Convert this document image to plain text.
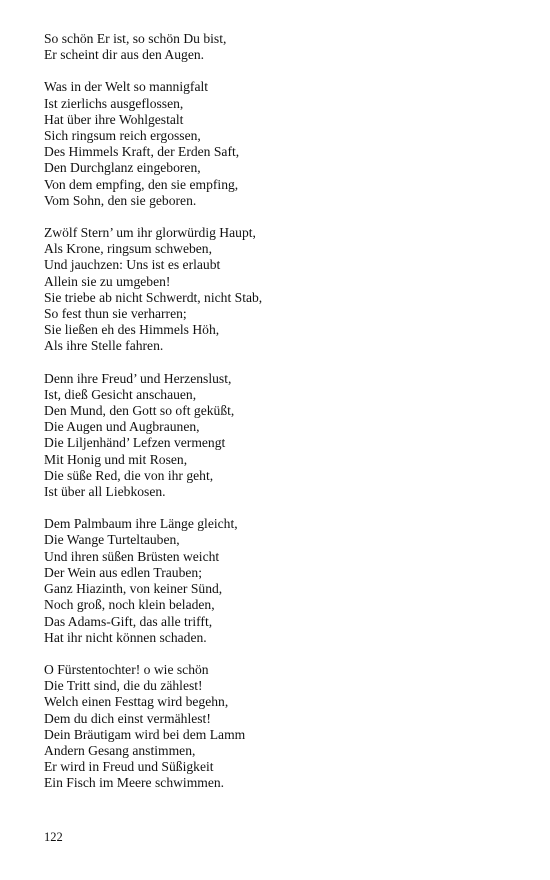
So schön Er ist, so schön Du bist,
Er scheint dir aus den Augen.
Was in der Welt so mannigfalt
Ist zierlichs ausgeflossen,
Hat über ihre Wohlgestalt
Sich ringsum reich ergossen,
Des Himmels Kraft, der Erden Saft,
Den Durchglanz eingeboren,
Von dem empfing, den sie empfing,
Vom Sohn, den sie geboren.
Zwölf Stern’ um ihr glorwürdig Haupt,
Als Krone, ringsum schweben,
Und jauchzen: Uns ist es erlaubt
Allein sie zu umgeben!
Sie triebe ab nicht Schwerdt, nicht Stab,
So fest thun sie verharren;
Sie ließen eh des Himmels Höh,
Als ihre Stelle fahren.
Denn ihre Freud’ und Herzenslust,
Ist, dieß Gesicht anschauen,
Den Mund, den Gott so oft geküßt,
Die Augen und Augbraunen,
Die Liljenhänd’ Lefzen vermengt
Mit Honig und mit Rosen,
Die süße Red, die von ihr geht,
Ist über all Liebkosen.
Dem Palmbaum ihre Länge gleicht,
Die Wange Turteltauben,
Und ihren süßen Brüsten weicht
Der Wein aus edlen Trauben;
Ganz Hiazinth, von keiner Sünd,
Noch groß, noch klein beladen,
Das Adams-Gift, das alle trifft,
Hat ihr nicht können schaden.
O Fürstentochter! o wie schön
Die Tritt sind, die du zählest!
Welch einen Festtag wird begehn,
Dem du dich einst vermählest!
Dein Bräutigam wird bei dem Lamm
Andern Gesang anstimmen,
Er wird in Freud und Süßigkeit
Ein Fisch im Meere schwimmen.
122
